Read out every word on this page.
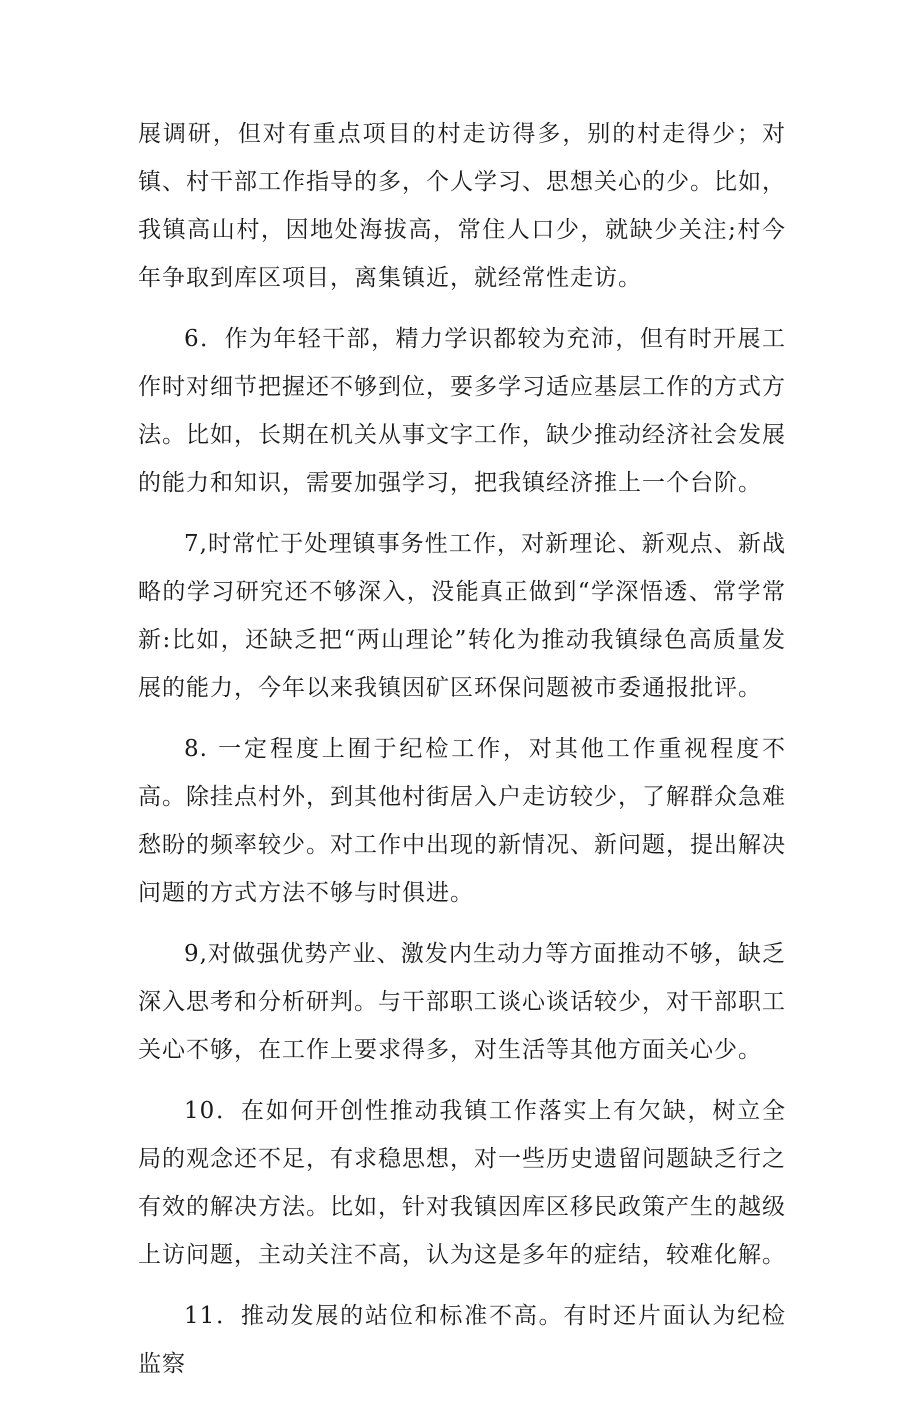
展调研，但对有重点项目的村走访得多，别的村走得少；对镇、村干部工作指导的多，个人学习、思想关心的少。比如，我镇高山村，因地处海拔高，常住人口少，就缺少关注;村今年争取到库区项目，离集镇近，就经常性走访。

6．作为年轻干部，精力学识都较为充沛，但有时开展工作时对细节把握还不够到位，要多学习适应基层工作的方式方法。比如，长期在机关从事文字工作，缺少推动经济社会发展的能力和知识，需要加强学习，把我镇经济推上一个台阶。

7,时常忙于处理镇事务性工作，对新理论、新观点、新战略的学习研究还不够深入，没能真正做到“学深悟透、常学常新:比如，还缺乏把“两山理论”转化为推动我镇绿色高质量发展的能力，今年以来我镇因矿区环保问题被市委通报批评。

8. 一定程度上囿于纪检工作，对其他工作重视程度不高。除挂点村外，到其他村街居入户走访较少，了解群众急难愁盼的频率较少。对工作中出现的新情况、新问题，提出解决问题的方式方法不够与时俱进。

9,对做强优势产业、激发内生动力等方面推动不够，缺乏深入思考和分析研判。与干部职工谈心谈话较少，对干部职工关心不够，在工作上要求得多，对生活等其他方面关心少。

10．在如何开创性推动我镇工作落实上有欠缺，树立全局的观念还不足，有求稳思想，对一些历史遗留问题缺乏行之有效的解决方法。比如，针对我镇因库区移民政策产生的越级上访问题，主动关注不高，认为这是多年的症结，较难化解。

11．推动发展的站位和标准不高。有时还片面认为纪检监察
